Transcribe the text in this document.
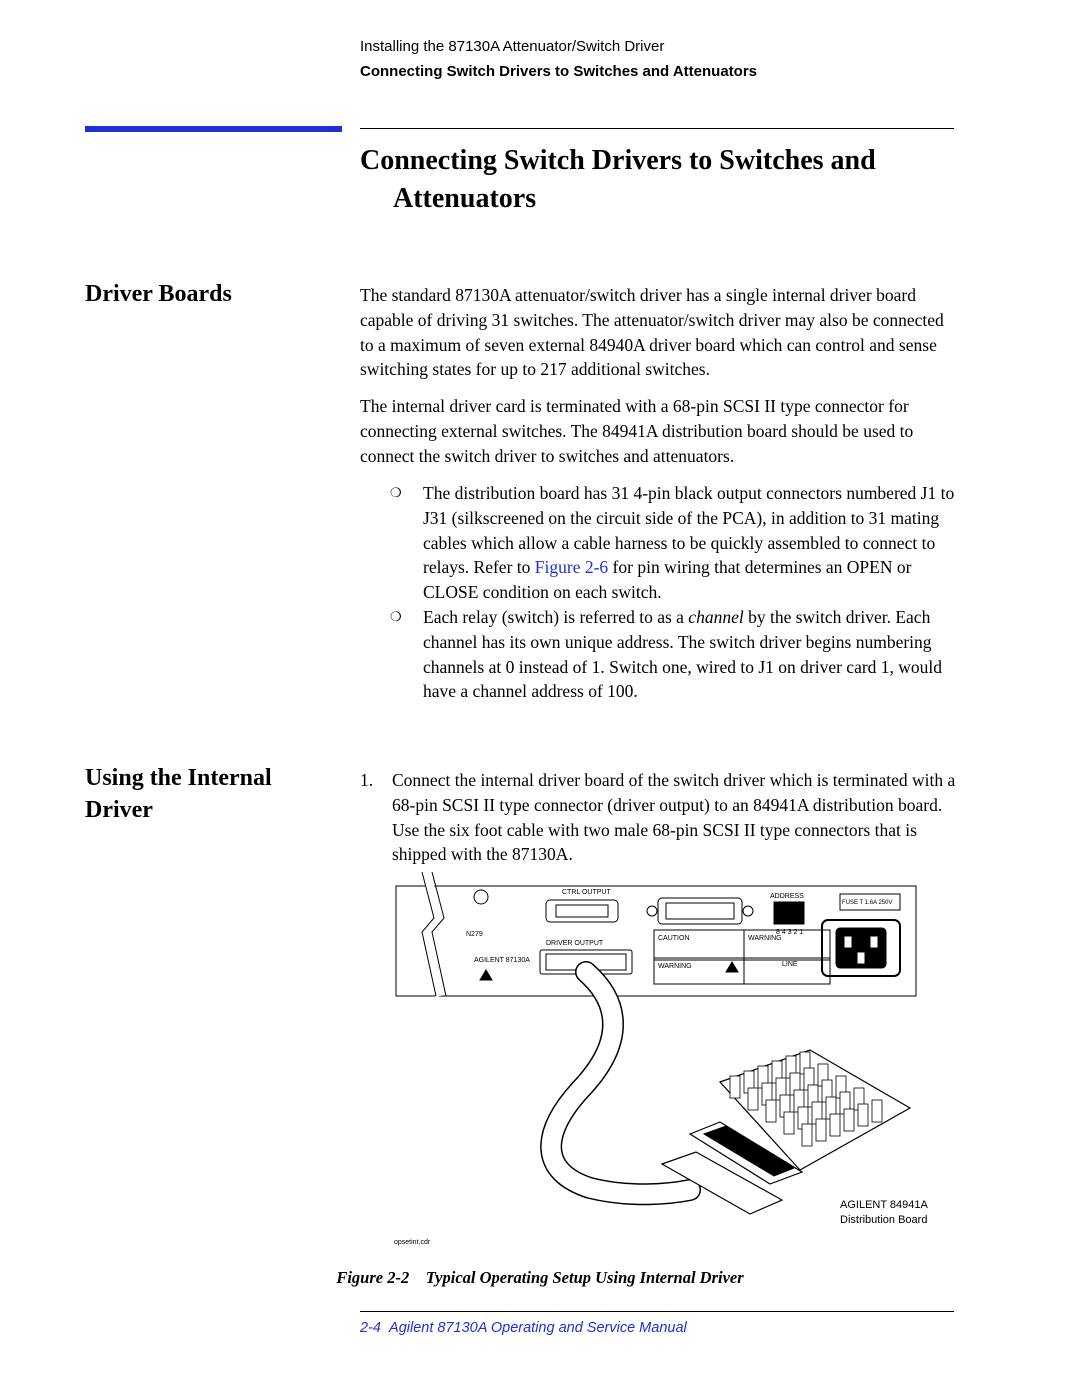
Installing the 87130A Attenuator/Switch Driver
Connecting Switch Drivers to Switches and Attenuators
Connecting Switch Drivers to Switches and
Attenuators
Driver Boards	The standard 87130A attenuator/switch driver has a single internal driver board capable of driving 31 switches. The attenuator/switch driver may also be connected to a maximum of seven external 84940A driver board which can control and sense switching states for up to 217 additional switches.
The internal driver card is terminated with a 68-pin SCSI II type connector for connecting external switches. The 84941A distribution board should be used to connect the switch driver to switches and attenuators.
❍ The distribution board has 31 4-pin black output connectors numbered J1 to J31 (silkscreened on the circuit side of the PCA), in addition to 31 mating cables which allow a cable harness to be quickly assembled to connect to relays. Refer to Figure 2-6 for pin wiring that determines an OPEN or CLOSE condition on each switch.
❍ Each relay (switch) is referred to as a channel by the switch driver. Each channel has its own unique address. The switch driver begins numbering channels at 0 instead of 1. Switch one, wired to J1 on driver card 1, would have a channel address of 100.
Using the Internal
Driver
1. Connect the internal driver board of the switch driver which is terminated with a 68-pin SCSI II type connector (driver output) to an 84941A distribution board. Use the six foot cable with two male 68-pin SCSI II type connectors that is shipped with the 87130A.
N279
AGILENT 87130A
CTRL OUTPUT
DRIVER OUTPUT
ADDRESS
8 4 3 2 1
FUSE T 1.6A 250V
CAUTION	WARNING
WARNING	LINE
AGILENT 84941A
Distribution Board
opsetint.cdr
Figure 2-2 Typical Operating Setup Using Internal Driver
2-4 Agilent 87130A Operating and Service Manual
